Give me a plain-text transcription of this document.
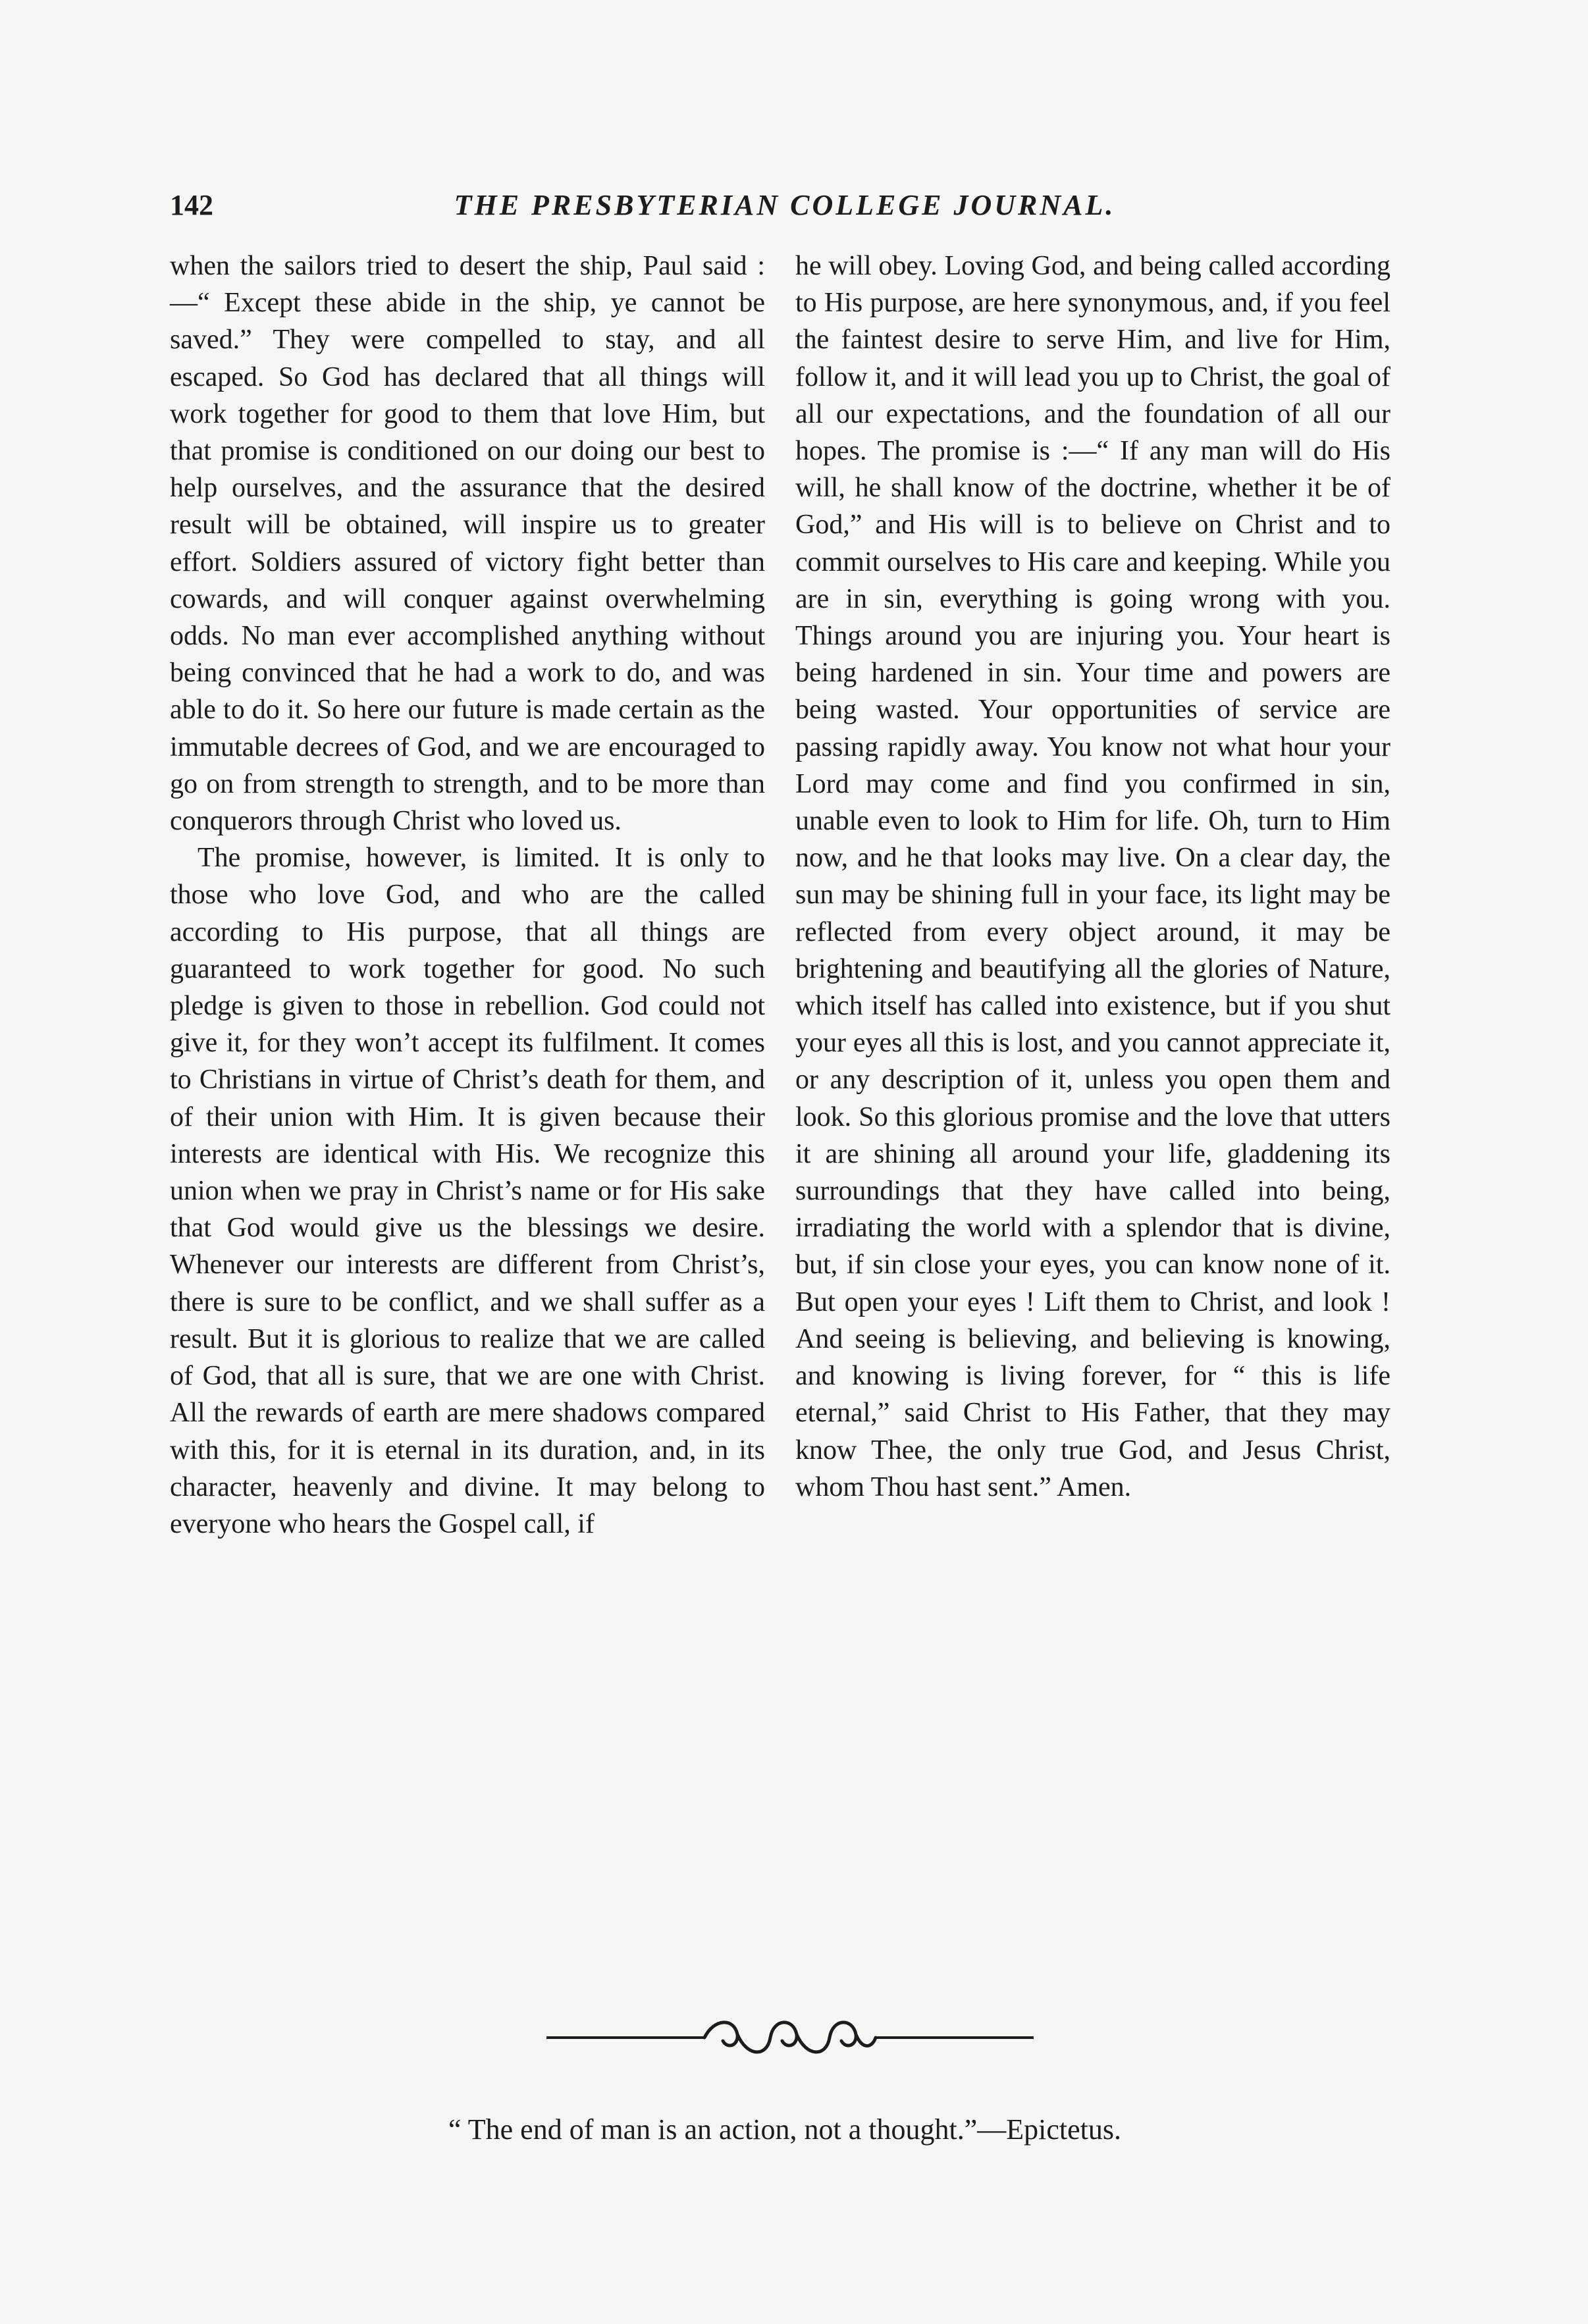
142	THE PRESBYTERIAN COLLEGE JOURNAL.

when the sailors tried to desert the ship, Paul said :—“ Except these abide in the ship, ye cannot be saved.” They were compelled to stay, and all escaped. So God has declared that all things will work together for good to them that love Him, but that promise is conditioned on our doing our best to help ourselves, and the assurance that the desired result will be obtained, will inspire us to greater effort. Soldiers assured of victory fight better than cowards, and will conquer against overwhelming odds. No man ever accomplished anything without being convinced that he had a work to do, and was able to do it. So here our future is made certain as the immutable decrees of God, and we are encouraged to go on from strength to strength, and to be more than conquerors through Christ who loved us.

The promise, however, is limited. It is only to those who love God, and who are the called according to His purpose, that all things are guaranteed to work together for good. No such pledge is given to those in rebellion. God could not give it, for they won’t accept its fulfilment. It comes to Christians in virtue of Christ’s death for them, and of their union with Him. It is given because their interests are identical with His. We recognize this union when we pray in Christ’s name or for His sake that God would give us the blessings we desire. Whenever our interests are different from Christ’s, there is sure to be conflict, and we shall suffer as a result. But it is glorious to realize that we are called of God, that all is sure, that we are one with Christ. All the rewards of earth are mere shadows compared with this, for it is eternal in its duration, and, in its character, heavenly and divine. It may belong to everyone who hears the Gospel call, if

he will obey. Loving God, and being called according to His purpose, are here synonymous, and, if you feel the faintest desire to serve Him, and live for Him, follow it, and it will lead you up to Christ, the goal of all our expectations, and the foundation of all our hopes. The promise is :—“ If any man will do His will, he shall know of the doctrine, whether it be of God,” and His will is to believe on Christ and to commit ourselves to His care and keeping. While you are in sin, everything is going wrong with you. Things around you are injuring you. Your heart is being hardened in sin. Your time and powers are being wasted. Your opportunities of service are passing rapidly away. You know not what hour your Lord may come and find you confirmed in sin, unable even to look to Him for life. Oh, turn to Him now, and he that looks may live. On a clear day, the sun may be shining full in your face, its light may be reflected from every object around, it may be brightening and beautifying all the glories of Nature, which itself has called into existence, but if you shut your eyes all this is lost, and you cannot appreciate it, or any description of it, unless you open them and look. So this glorious promise and the love that utters it are shining all around your life, gladdening its surroundings that they have called into being, irradiating the world with a splendor that is divine, but, if sin close your eyes, you can know none of it. But open your eyes ! Lift them to Christ, and look ! And seeing is believing, and believing is knowing, and knowing is living forever, for “ this is life eternal,” said Christ to His Father, that they may know Thee, the only true God, and Jesus Christ, whom Thou hast sent.” Amen.

“ The end of man is an action, not a thought.”—Epictetus.
